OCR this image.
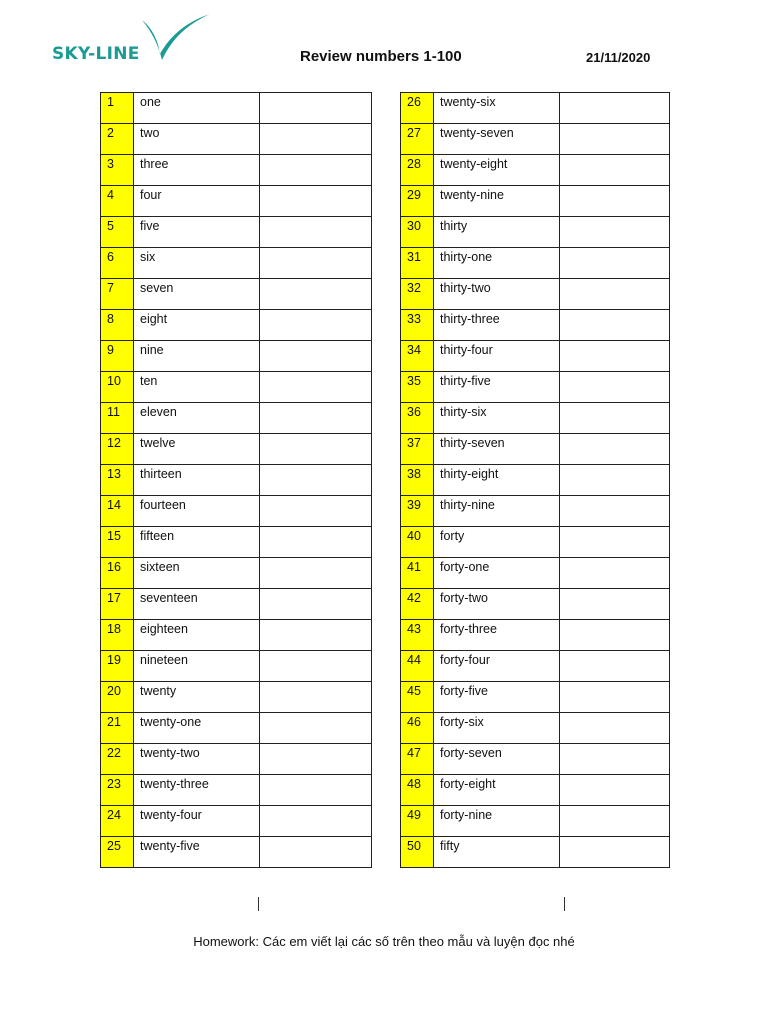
SKY-LINE	Review numbers 1-100	21/11/2020
1	one	
2	two	
3	three	
4	four	
5	five	
6	six	
7	seven	
8	eight	
9	nine	
10	ten	
11	eleven	
12	twelve	
13	thirteen	
14	fourteen	
15	fifteen	
16	sixteen	
17	seventeen	
18	eighteen	
19	nineteen	
20	twenty	
21	twenty-one	
22	twenty-two	
23	twenty-three	
24	twenty-four	
25	twenty-five	
26	twenty-six	
27	twenty-seven	
28	twenty-eight	
29	twenty-nine	
30	thirty	
31	thirty-one	
32	thirty-two	
33	thirty-three	
34	thirty-four	
35	thirty-five	
36	thirty-six	
37	thirty-seven	
38	thirty-eight	
39	thirty-nine	
40	forty	
41	forty-one	
42	forty-two	
43	forty-three	
44	forty-four	
45	forty-five	
46	forty-six	
47	forty-seven	
48	forty-eight	
49	forty-nine	
50	fifty	
Homework: Các em viết lại các số trên theo mẫu và luyện đọc nhé
